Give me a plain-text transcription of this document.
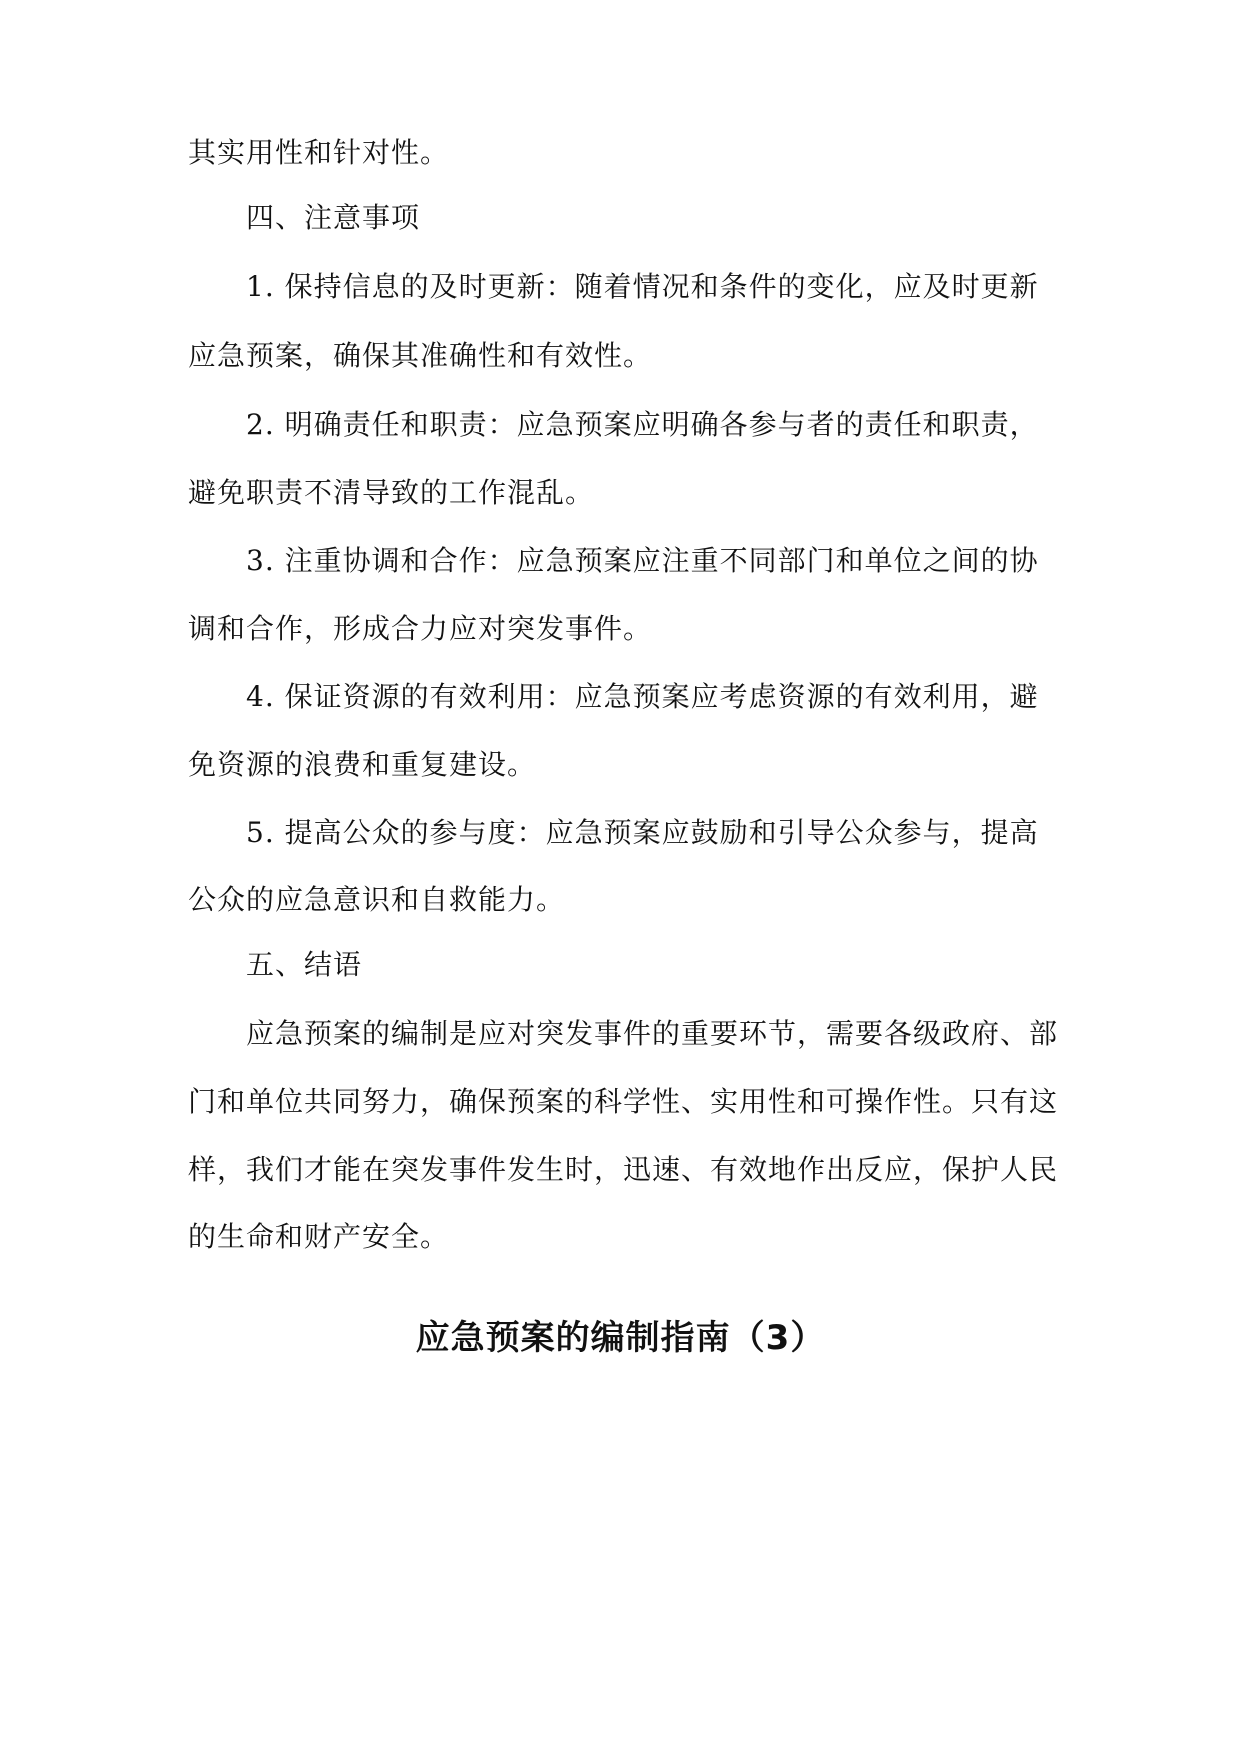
其实用性和针对性。
四、注意事项
1. 保持信息的及时更新：随着情况和条件的变化，应及时更新
应急预案，确保其准确性和有效性。
2. 明确责任和职责：应急预案应明确各参与者的责任和职责，
避免职责不清导致的工作混乱。
3. 注重协调和合作：应急预案应注重不同部门和单位之间的协
调和合作，形成合力应对突发事件。
4. 保证资源的有效利用：应急预案应考虑资源的有效利用，避
免资源的浪费和重复建设。
5. 提高公众的参与度：应急预案应鼓励和引导公众参与，提高
公众的应急意识和自救能力。
五、结语
应急预案的编制是应对突发事件的重要环节，需要各级政府、部
门和单位共同努力，确保预案的科学性、实用性和可操作性。只有这
样，我们才能在突发事件发生时，迅速、有效地作出反应，保护人民
的生命和财产安全。
应急预案的编制指南（3）
